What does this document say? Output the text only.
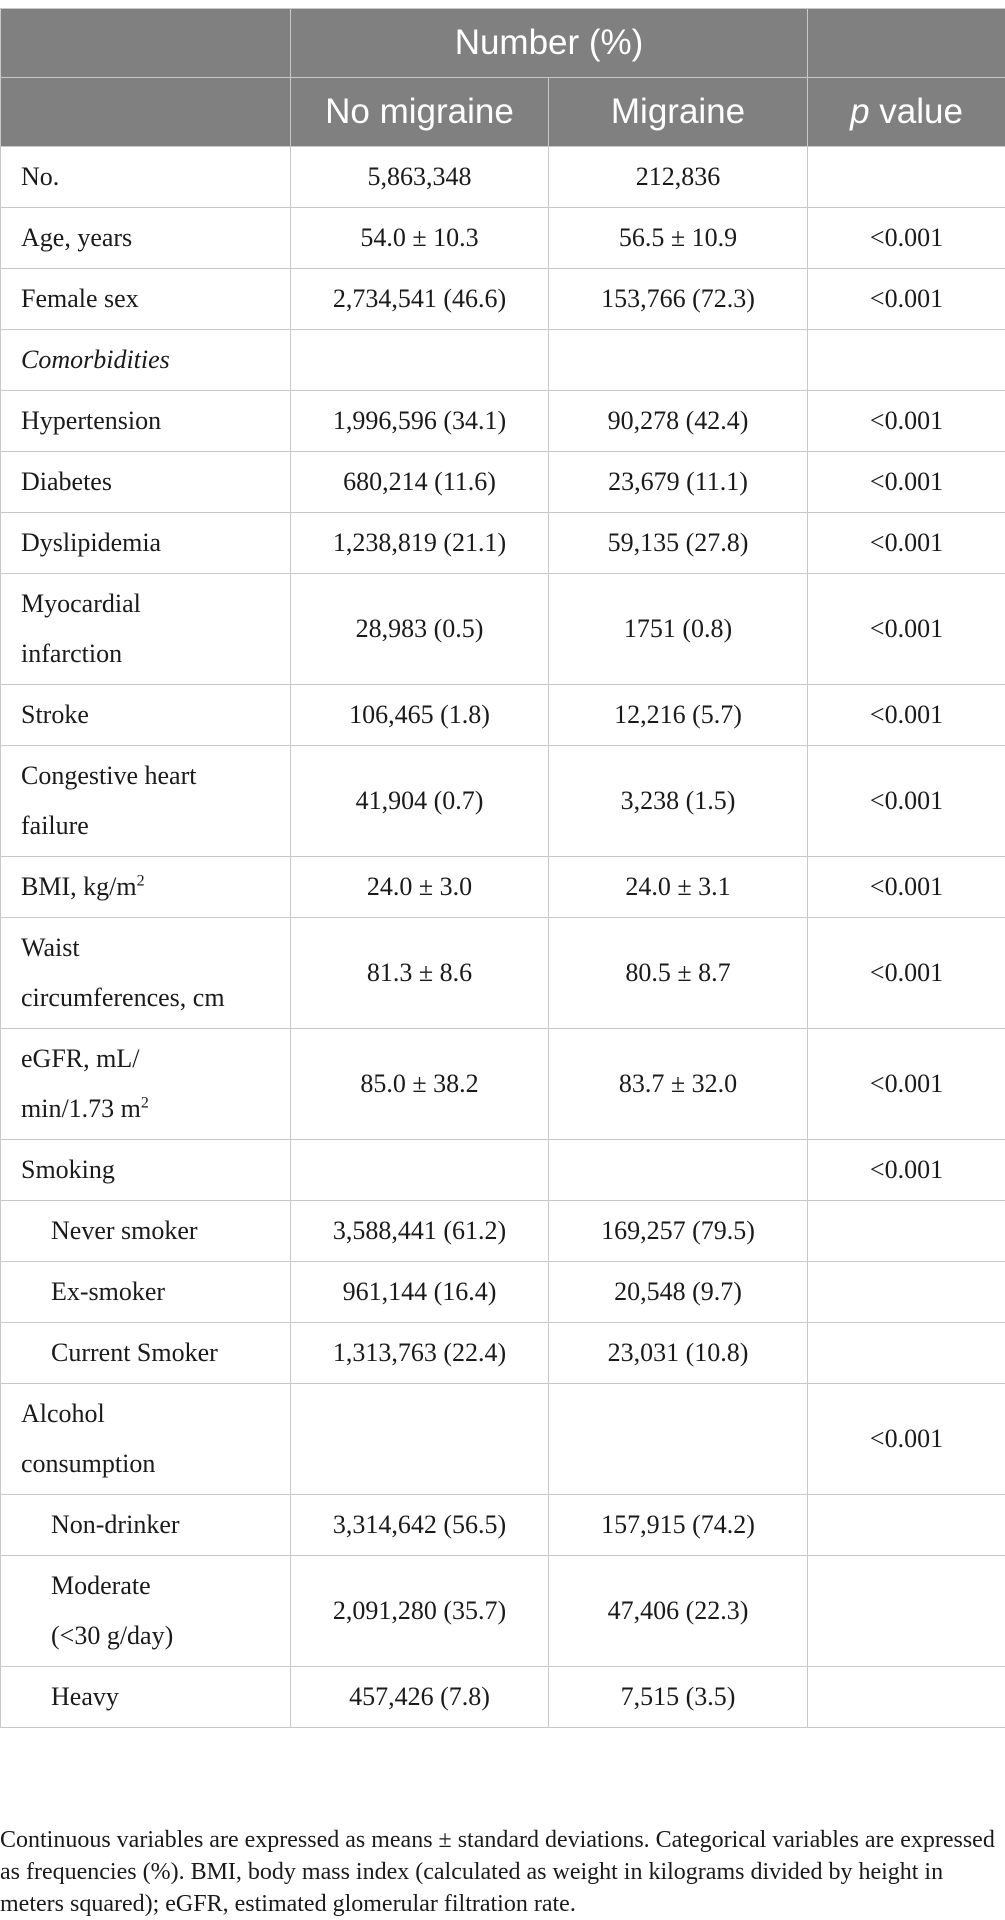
	Number (%)		
	No migraine	Migraine	p value
No.	5,863,348	212,836	
Age, years	54.0 ± 10.3	56.5 ± 10.9	<0.001
Female sex	2,734,541 (46.6)	153,766 (72.3)	<0.001
Comorbidities			
Hypertension	1,996,596 (34.1)	90,278 (42.4)	<0.001
Diabetes	680,214 (11.6)	23,679 (11.1)	<0.001
Dyslipidemia	1,238,819 (21.1)	59,135 (27.8)	<0.001
Myocardial
infarction	28,983 (0.5)	1751 (0.8)	<0.001
Stroke	106,465 (1.8)	12,216 (5.7)	<0.001
Congestive heart
failure	41,904 (0.7)	3,238 (1.5)	<0.001
BMI, $kg/m^2$	24.0 ± 3.0	24.0 ± 3.1	<0.001
Waist
circumferences, cm	81.3 ± 8.6	80.5 ± 8.7	<0.001
eGFR, mL/
min/1.73 $m^2$	85.0 ± 38.2	83.7 ± 32.0	<0.001
Smoking			<0.001
Never smoker	3,588,441 (61.2)	169,257 (79.5)	
Ex-smoker	961,144 (16.4)	20,548 (9.7)	
Current Smoker	1,313,763 (22.4)	23,031 (10.8)	
Alcohol
consumption			<0.001
Non-drinker	3,314,642 (56.5)	157,915 (74.2)	
Moderate
(<30 g/day)	2,091,280 (35.7)	47,406 (22.3)	
Heavy	457,426 (7.8)	7,515 (3.5)	

Continuous variables are expressed as means ± standard deviations. Categorical variables are expressed as frequencies (%). BMI, body mass index (calculated as weight in kilograms divided by height in meters squared); eGFR, estimated glomerular filtration rate.
